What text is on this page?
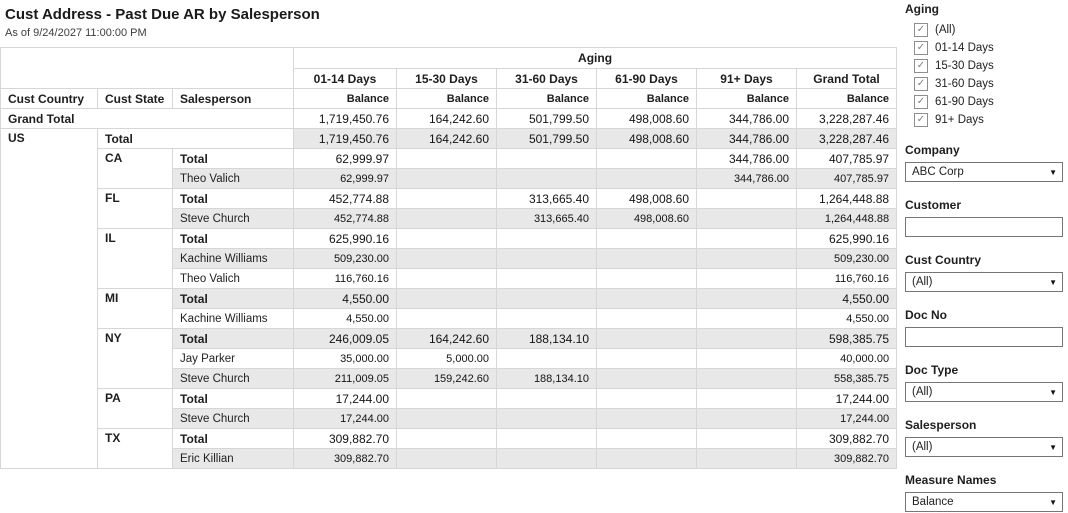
Cust Address - Past Due AR by Salesperson
As of 9/24/2027 11:00:00 PM
			Aging					
			01-14 Days	15-30 Days	31-60 Days	61-90 Days	91+ Days	Grand Total
Cust Country	Cust State	Salesperson	Balance	Balance	Balance	Balance	Balance	Balance
Grand Total			1,719,450.76	164,242.60	501,799.50	498,008.60	344,786.00	3,228,287.46
US	Total		1,719,450.76	164,242.60	501,799.50	498,008.60	344,786.00	3,228,287.46
	CA	Total	62,999.97				344,786.00	407,785.97
		Theo Valich	62,999.97				344,786.00	407,785.97
	FL	Total	452,774.88		313,665.40	498,008.60		1,264,448.88
		Steve Church	452,774.88		313,665.40	498,008.60		1,264,448.88
	IL	Total	625,990.16					625,990.16
		Kachine Williams	509,230.00					509,230.00
		Theo Valich	116,760.16					116,760.16
	MI	Total	4,550.00					4,550.00
		Kachine Williams	4,550.00					4,550.00
	NY	Total	246,009.05	164,242.60	188,134.10			598,385.75
		Jay Parker	35,000.00	5,000.00				40,000.00
		Steve Church	211,009.05	159,242.60	188,134.10			558,385.75
	PA	Total	17,244.00					17,244.00
		Steve Church	17,244.00					17,244.00
	TX	Total	309,882.70					309,882.70
		Eric Killian	309,882.70					309,882.70
Aging
✓ (All)
✓ 01-14 Days
✓ 15-30 Days
✓ 31-60 Days
✓ 61-90 Days
✓ 91+ Days
Company
ABC Corp	▼
Customer
Cust Country
(All)	▼
Doc No
Doc Type
(All)	▼
Salesperson
(All)	▼
Measure Names
Balance	▼
